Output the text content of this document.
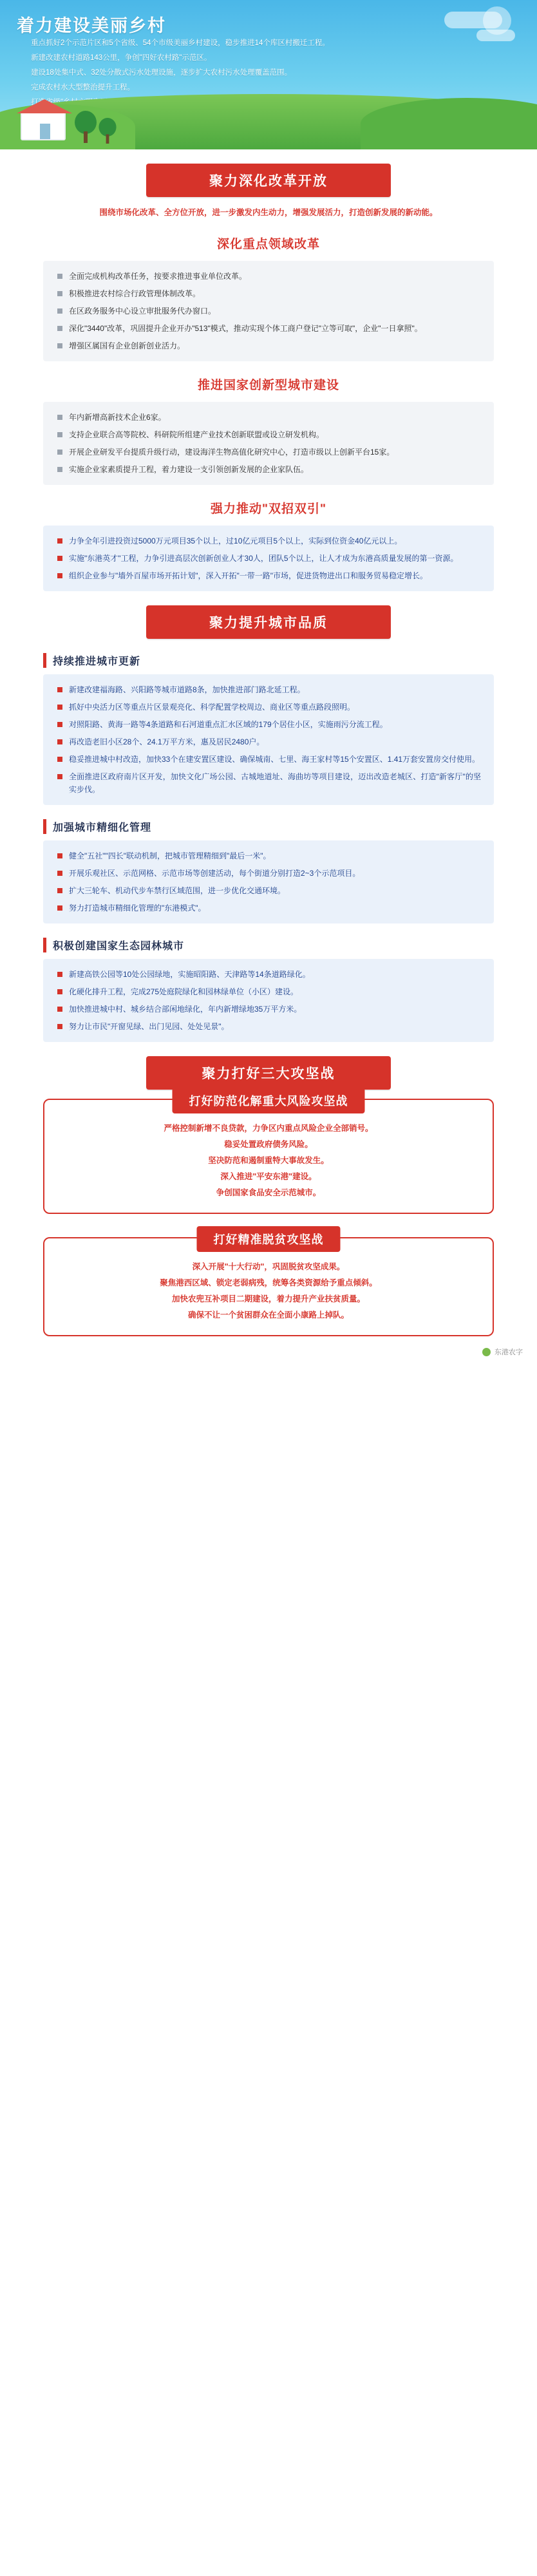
着力建设美丽乡村

重点抓好2个示范片区和5个省级、54个市级美丽乡村建设，稳步推进14个库区村搬迁工程。

新建改建农村道路143公里，争创"四好农村路"示范区。

建设18处集中式、32处分散式污水处理设施，逐步扩大农村污水处理覆盖范围。

完成农村水大型整治提升工程。

聚力深化改革开放
围绕市场化改革、全方位开放，进一步激发内生动力，增强发展活力，打造创新发展的新动能。
深化重点领域改革
全面完成机构改革任务，按要求推进事业单位改革。
积极推进农村综合行政管理体制改革。
在区政务服务中心设立审批服务代办窗口。
深化"3440"改革，巩固提升企业开办"513"模式，推动实现个体工商户登记"立等可取"，企业"一日拿照"。
增强区属国有企业创新创业活力。
推进国家创新型城市建设
年内新增高新技术企业6家。
支持企业联合高等院校、科研院所组建产业技术创新联盟或设立研发机构。
开展企业研发平台提质升级行动，建设海洋生物高值化研究中心，打造市级以上创新平台15家。
实施企业家素质提升工程，着力建设一支引领创新发展的企业家队伍。
强力推动"双招双引"
力争全年引进投资过5000万元项目35个以上，过10亿元项目5个以上，实际到位资金40亿元以上。
实施"东港英才"工程，力争引进高层次创新创业人才30人，团队5个以上，让人才成为东港高质量发展的第一资源。
组织企业参与"墙外百屋市场开拓计划"，深入开拓"一带一路"市场，促进货物进出口和服务贸易稳定增长。
聚力提升城市品质
持续推进城市更新
新建改建福海路、兴阳路等城市道路8条，加快推进部门路北延工程。
抓好中央活力区等重点片区景观亮化、科学配置学校周边、商业区等重点路段照明。
对照阳路、黄海一路等4条道路和石河道重点汇水区域的179个居住小区，实施雨污分流工程。
再改造老旧小区28个、24.1万平方米，惠及居民2480户。
稳妥推进城中村改造，加快33个在建安置区建设、确保城南、七里、海王家村等15个安置区、1.41万套安置房交付使用。
全面推进区政府南片区开发，加快文化广场公园、古城地道址、海曲坊等项目建设，迈出改造老城区、打造"新客厅"的坚实步伐。
加强城市精细化管理
健全"五社""四长"联动机制，把城市管理精细到"最后一米"。
开展乐观社区、示范网格、示范市场等创建活动，每个街道分别打造2~3个示范项目。
扩大三轮车、机动代步车禁行区域范围，进一步优化交通环境。
努力打造城市精细化管理的"东港模式"。
积极创建国家生态园林城市
新建高铁公园等10处公园绿地，实施昭阳路、天津路等14条道路绿化。
化硬化排升工程，完成275处庭院绿化和园林绿单位（小区）建设。
加快推进城中村、城乡结合部闲地绿化，年内新增绿地35万平方米。
努力让市民"开窗见绿、出门见园、处处见景"。
聚力打好三大攻坚战
打好防范化解重大风险攻坚战

严格控制新增不良贷款，力争区内重点风险企业全部销号。

稳妥处置政府债务风险。

坚决防范和遏制重特大事故发生。

深入推进"平安东港"建设。

争创国家食品安全示范城市。

打好精准脱贫攻坚战

深入开展"十大行动"，巩固脱贫攻坚成果。

聚焦港西区域、锁定老弱病残，统筹各类资源给予重点倾斜。

加快农兜互补项目二期建设，着力提升产业扶贫质量。

确保不让一个贫困群众在全面小康路上掉队。

东港农字
